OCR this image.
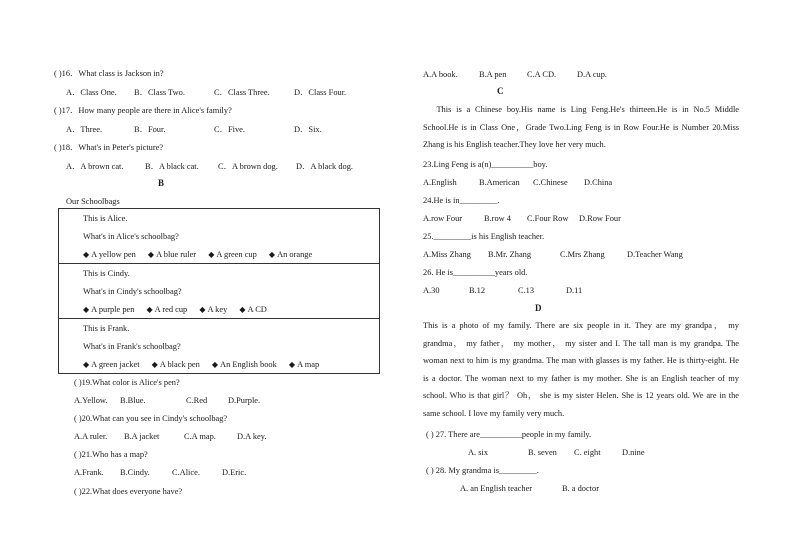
( )16．What class is Jackson in?
A．Class One. B．Class Two.	C．Class Three.	D．Class Four.
( )17．How many people are there in Alice's family?
A．Three.	B．Four.	C．Five.	D．Six.
( )18．What's in Peter's picture?
A．A brown cat.	B．A black cat. C．A brown dog. D．A black dog.
B
Our Schoolbags
This is Alice.
What's in Alice's schoolbag?
◆ A yellow pen ◆ A blue ruler ◆ A green cup ◆ An orange
This is Cindy.
What's in Cindy's schoolbag?
◆ A purple pen ◆ A red cup ◆ A key ◆ A CD
This is Frank.
What's in Frank's schoolbag?
◆ A green jacket ◆ A black pen ◆ An English book ◆ A map
( )19.What color is Alice's pen?
A.Yellow. B.Blue.	C.Red D.Purple.
( )20.What can you see in Cindy's schoolbag?
A.A ruler. B.A jacket	C.A map.	D.A key.
( )21.Who has a map?
A.Frank. B.Cindy.	C.Alice.	D.Eric.
( )22.What does everyone have?
A.A book.	B.A pen C.A CD. D.A cup.
C
This is a Chinese boy.His name is Ling Feng.He's thirteen.He is in No.5 Middle School.He is in Class One，Grade Two.Ling Feng is in Row Four.He is Number 20.Miss Zhang is his English teacher.They love her very much.
23.Ling Feng is a(n)__________boy.
A.English	B.American C.Chinese D.China
24.He is in_________.
A.row Four	B.row 4 C.Four Row D.Row Four
25._________is his English teacher.
A.Miss Zhang B.Mr. Zhang	C.Mrs Zhang	D.Teacher Wang
26. He is__________years old.
A.30	B.12	C.13	D.11
D
This is a photo of my family. There are six people in it. They are my grandpa， my grandma， my father， my mother， my sister and I. The tall man is my grandpa. The woman next to him is my grandma. The man with glasses is my father. He is thirty-eight. He is a doctor. The woman next to my father is my mother. She is an English teacher of my school. Who is that girl？ Oh， she is my sister Helen. She is 12 years old. We are in the same school. I love my family very much.
( ) 27. There are__________people in my family.
A. six	B. seven C. eight	D.nine
( ) 28. My grandma is_________.
A. an English teacher	B. a doctor
